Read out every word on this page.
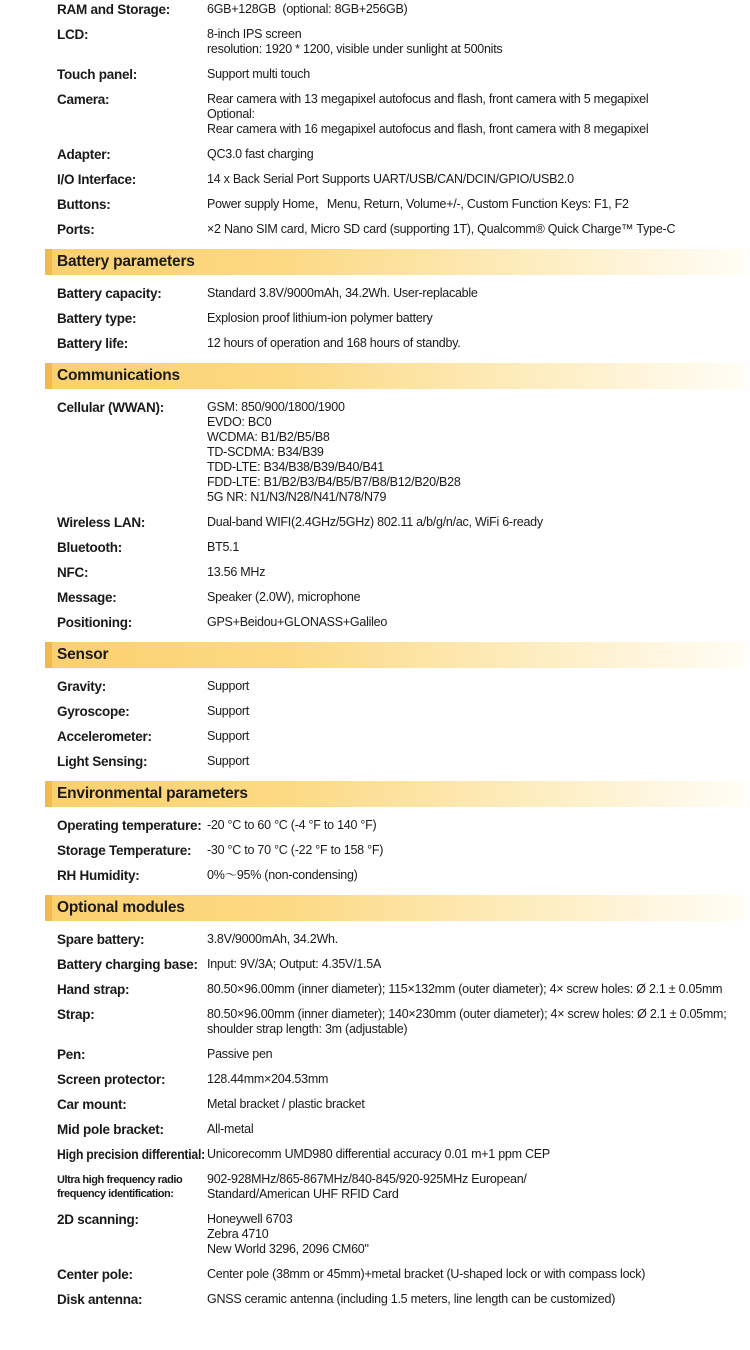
RAM and Storage:	6GB+128GB  (optional: 8GB+256GB)
LCD:	8-inch IPS screen
resolution: 1920 * 1200, visible under sunlight at 500nits
Touch panel:	Support multi touch
Camera:	Rear camera with 13 megapixel autofocus and flash, front camera with 5 megapixel
Optional:
Rear camera with 16 megapixel autofocus and flash, front camera with 8 megapixel
Adapter:	QC3.0 fast charging
I/O Interface:	14 x Back Serial Port Supports UART/USB/CAN/DCIN/GPIO/USB2.0
Buttons:	Power supply Home，Menu, Return, Volume+/-, Custom Function Keys: F1, F2
Ports:	×2 Nano SIM card, Micro SD card (supporting 1T), Qualcomm® Quick Charge™ Type-C
Battery parameters
Battery capacity:	Standard 3.8V/9000mAh, 34.2Wh. User-replacable
Battery type:	Explosion proof lithium-ion polymer battery
Battery life:	12 hours of operation and 168 hours of standby.
Communications
Cellular (WWAN):	GSM: 850/900/1800/1900
EVDO: BC0
WCDMA: B1/B2/B5/B8
TD-SCDMA: B34/B39
TDD-LTE: B34/B38/B39/B40/B41
FDD-LTE: B1/B2/B3/B4/B5/B7/B8/B12/B20/B28
5G NR: N1/N3/N28/N41/N78/N79
Wireless LAN:	Dual-band WIFI(2.4GHz/5GHz) 802.11 a/b/g/n/ac, WiFi 6-ready
Bluetooth:	BT5.1
NFC:	13.56 MHz
Message:	Speaker (2.0W), microphone
Positioning:	GPS+Beidou+GLONASS+Galileo
Sensor
Gravity:	Support
Gyroscope:	Support
Accelerometer:	Support
Light Sensing:	Support
Environmental parameters
Operating temperature: -20 °C to 60 °C (-4 °F to 140 °F)
Storage Temperature: -30 °C to 70 °C (-22 °F to 158 °F)
RH Humidity:	0%～95% (non-condensing)
Optional modules
Spare battery:	3.8V/9000mAh, 34.2Wh.
Battery charging base: Input: 9V/3A; Output: 4.35V/1.5A
Hand strap:	80.50×96.00mm (inner diameter); 115×132mm (outer diameter); 4× screw holes: Ø 2.1 ± 0.05mm
Strap:	80.50×96.00mm (inner diameter); 140×230mm (outer diameter); 4× screw holes: Ø 2.1 ± 0.05mm;
shoulder strap length: 3m (adjustable)
Pen:	Passive pen
Screen protector:	128.44mm×204.53mm
Car mount:	Metal bracket / plastic bracket
Mid pole bracket:	All-metal
High precision differential: Unicorecomm UMD980 differential accuracy 0.01 m+1 ppm CEP
Ultra high frequency radio frequency identification:
902-928MHz/865-867MHz/840-845/920-925MHz European/
Standard/American UHF RFID Card
2D scanning:	Honeywell 6703
Zebra 4710
New World 3296, 2096 CM60"
Center pole:	Center pole (38mm or 45mm)+metal bracket (U-shaped lock or with compass lock)
Disk antenna:	GNSS ceramic antenna (including 1.5 meters, line length can be customized)
